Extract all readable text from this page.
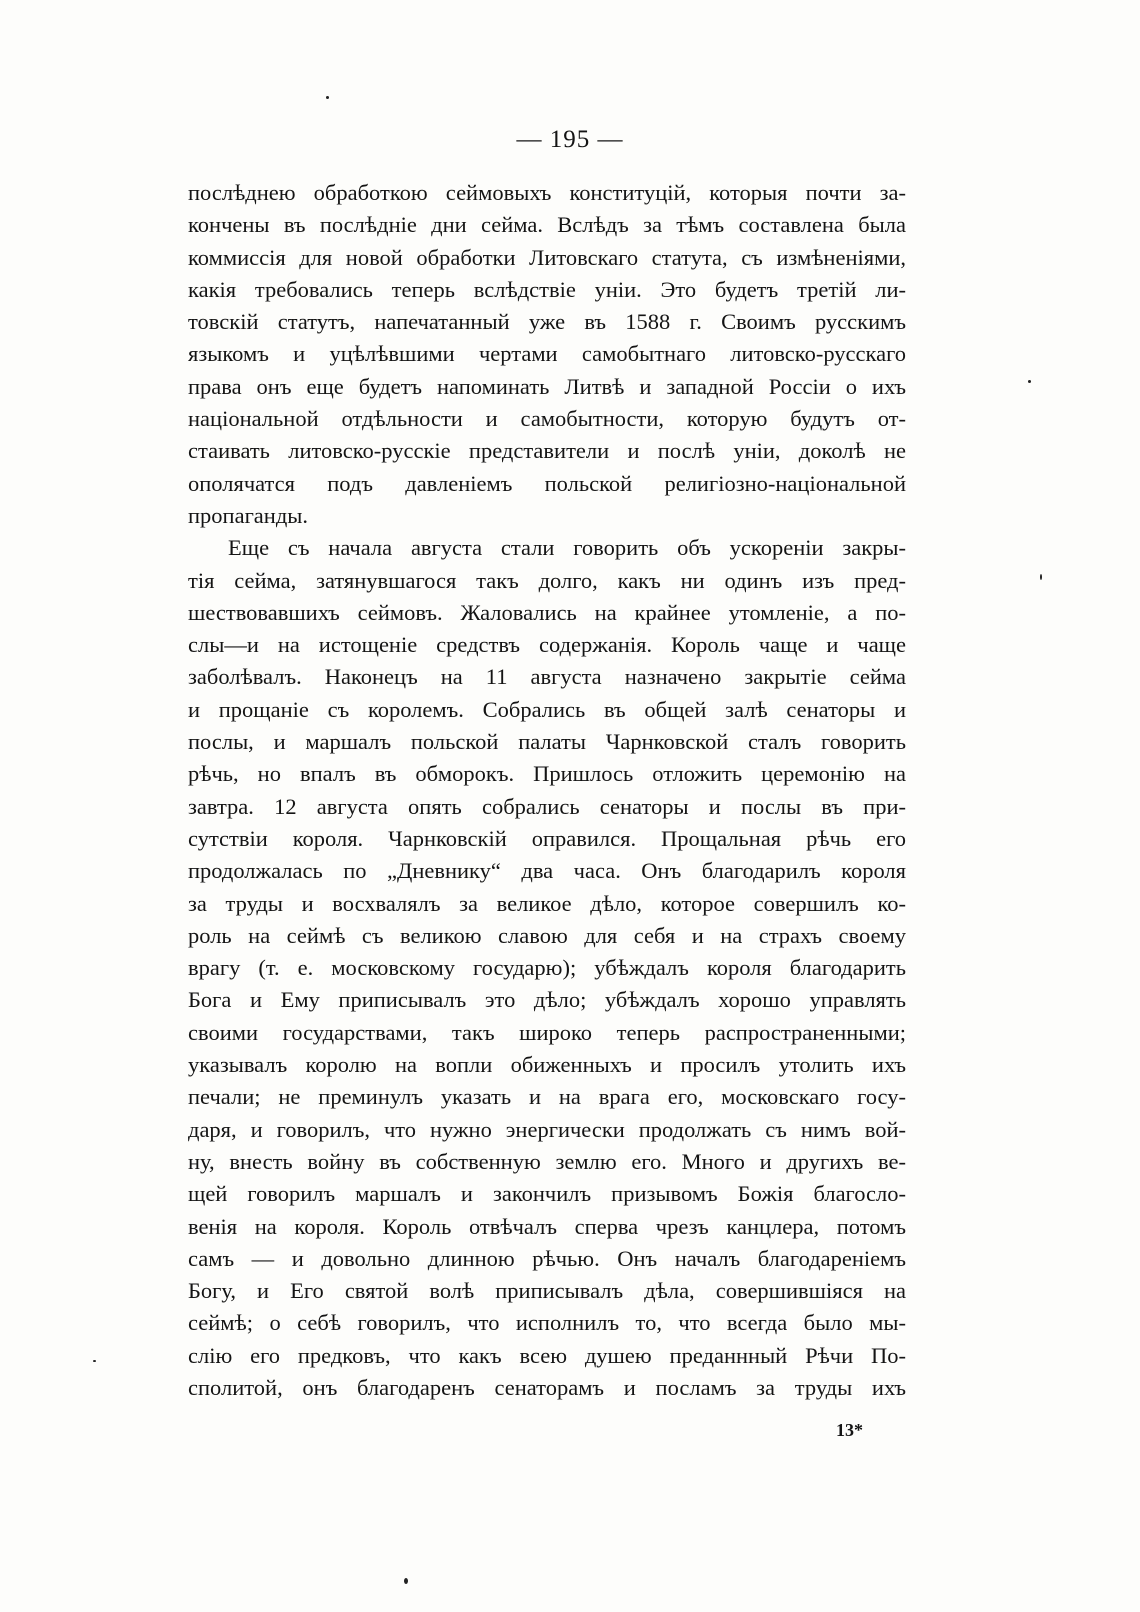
— 195 —
послѣднею обработкою сеймовыхъ конституцій, которыя почти за-
кончены въ послѣдніе дни сейма. Вслѣдъ за тѣмъ составлена была
коммиссія для новой обработки Литовскаго статута, съ измѣненіями,
какія требовались теперь вслѣдствіе уніи. Это будетъ третій ли-
товскій статутъ, напечатанный уже въ 1588 г. Своимъ русскимъ
языкомъ и уцѣлѣвшими чертами самобытнаго литовско-русскаго
права онъ еще будетъ напоминать Литвѣ и западной Россіи о ихъ
національной отдѣльности и самобытности, которую будутъ от-
стаивать литовско-русскіе представители и послѣ уніи, доколѣ не
ополячатся подъ давленіемъ польской религіозно-національной
пропаганды.
Еще съ начала августа стали говорить объ ускореніи закры-
тія сейма, затянувшагося такъ долго, какъ ни одинъ изъ пред-
шествовавшихъ сеймовъ. Жаловались на крайнее утомленіе, а по-
слы—и на истощеніе средствъ содержанія. Король чаще и чаще
заболѣвалъ. Наконецъ на 11 августа назначено закрытіе сейма
и прощаніе съ королемъ. Собрались въ общей залѣ сенаторы и
послы, и маршалъ польской палаты Чарнковской сталъ говорить
рѣчь, но впалъ въ обморокъ. Пришлось отложить церемонію на
завтра. 12 августа опять собрались сенаторы и послы въ при-
сутствіи короля. Чарнковскій оправился. Прощальная рѣчь его
продолжалась по „Дневнику“ два часа. Онъ благодарилъ короля
за труды и восхвалялъ за великое дѣло, которое совершилъ ко-
роль на сеймѣ съ великою славою для себя и на страхъ своему
врагу (т. е. московскому государю); убѣждалъ короля благодарить
Бога и Ему приписывалъ это дѣло; убѣждалъ хорошо управлять
своими государствами, такъ широко теперь распространенными;
указывалъ королю на вопли обиженныхъ и просилъ утолить ихъ
печали; не преминулъ указать и на врага его, московскаго госу-
даря, и говорилъ, что нужно энергически продолжать съ нимъ вой-
ну, внесть войну въ собственную землю его. Много и другихъ ве-
щей говорилъ маршалъ и закончилъ призывомъ Божія благосло-
венія на короля. Король отвѣчалъ сперва чрезъ канцлера, потомъ
самъ — и довольно длинною рѣчью. Онъ началъ благодареніемъ
Богу, и Его святой волѣ приписывалъ дѣла, совершившіяся на
сеймѣ; о себѣ говорилъ, что исполнилъ то, что всегда было мы-
слію его предковъ, что какъ всею душею преданнный Рѣчи По-
сполитой, онъ благодаренъ сенаторамъ и посламъ за труды ихъ
13*
